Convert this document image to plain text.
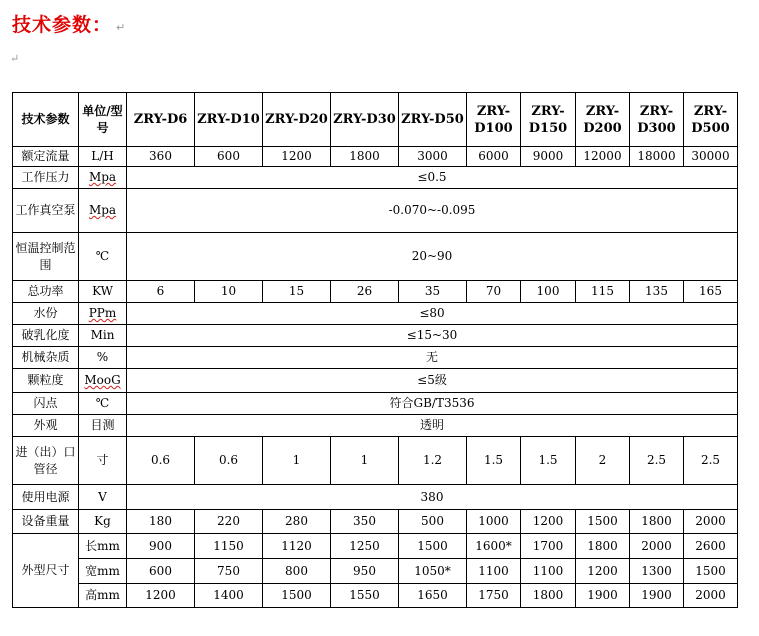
技术参数： ↵
↵
技术参数	单位/型号	ZRY-D6	ZRY-D10	ZRY-D20	ZRY-D30	ZRY-D50	ZRY-D100	ZRY-D150	ZRY-D200	ZRY-D300	ZRY-D500
额定流量	L/H	360	600	1200	1800	3000	6000	9000	12000	18000	30000
工作压力	Mpa	≤0.5									
工作真空泵	Mpa	-0.070~-0.095									
恒温控制范围	℃	20~90									
总功率	KW	6	10	15	26	35	70	100	115	135	165
水份	PPm	≤80									
破乳化度	Min	≤15~30									
机械杂质	%	无									
颗粒度	MooG	≤5级									
闪点	℃	符合GB/T3536									
外观	目测	透明									
进（出）口管径	寸	0.6	0.6	1	1	1.2	1.5	1.5	2	2.5	2.5
使用电源	V	380									
设备重量	Kg	180	220	280	350	500	1000	1200	1500	1800	2000
外型尺寸	长mm	900	1150	1120	1250	1500	1600*	1700	1800	2000	2600
	宽mm	600	750	800	950	1050*	1100	1100	1200	1300	1500
	高mm	1200	1400	1500	1550	1650	1750	1800	1900	1900	2000
